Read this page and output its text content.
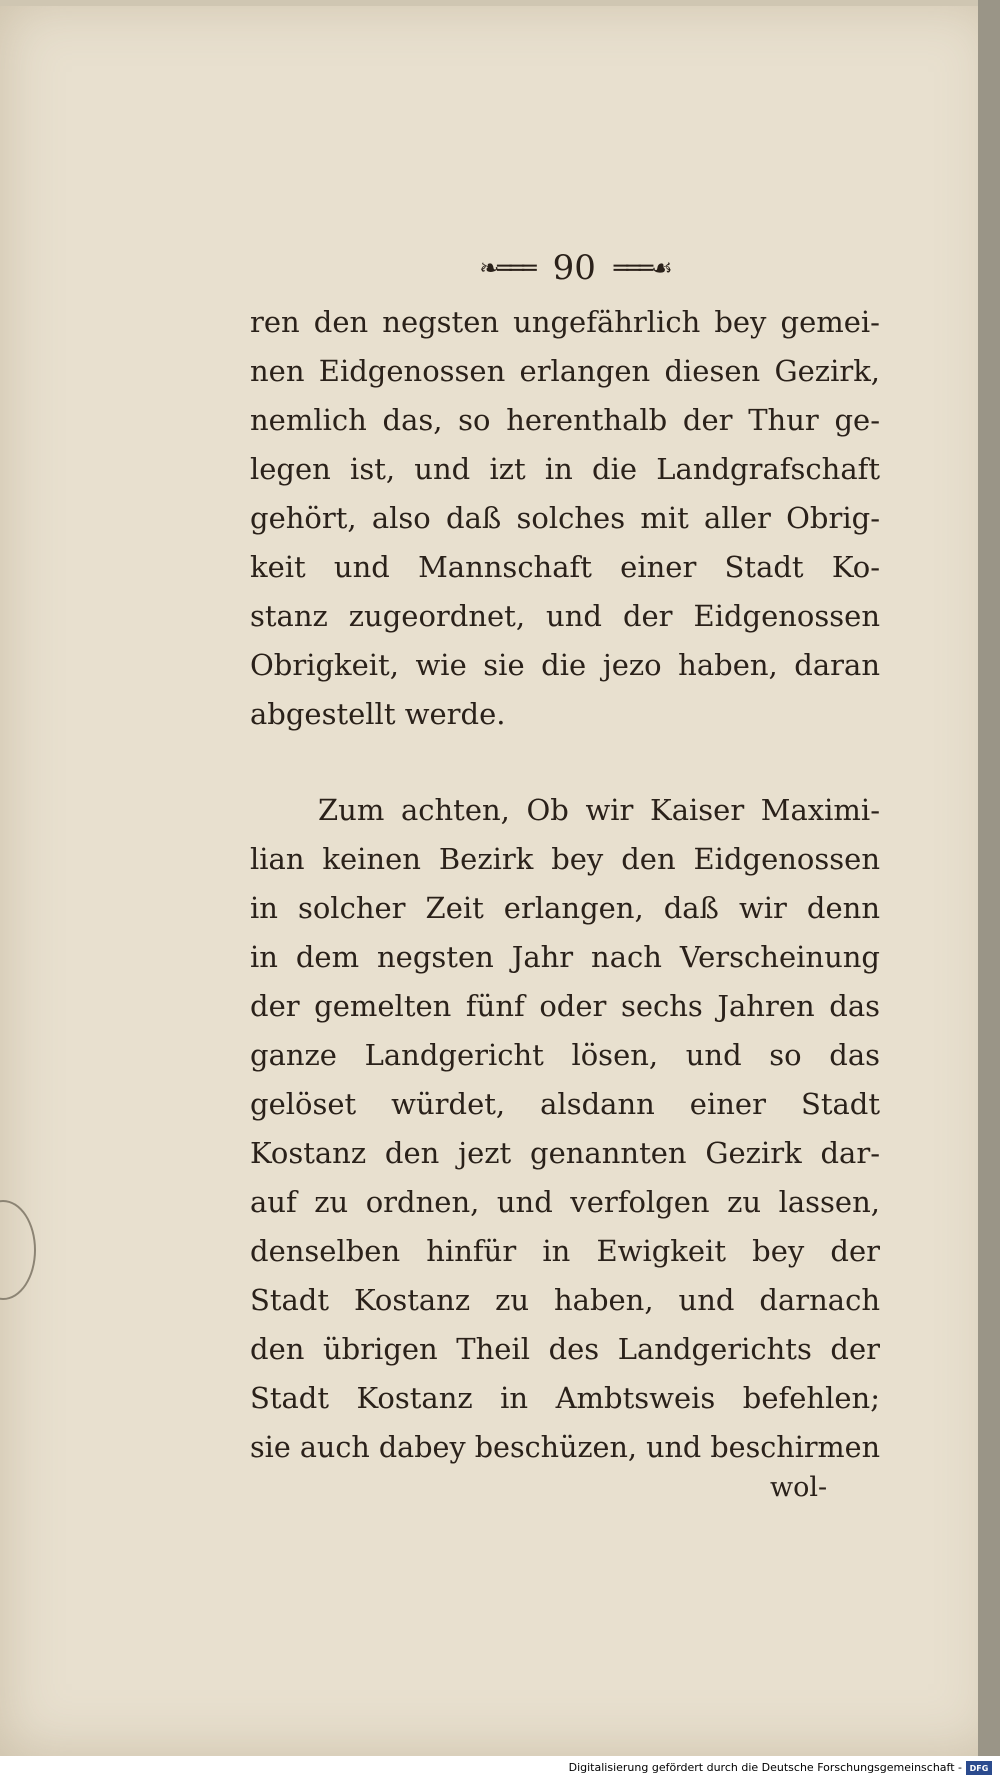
❧═══ 90 ═══☙
ren den negsten ungefährlich bey gemei-
nen Eidgenossen erlangen diesen Gezirk,
nemlich das, so herenthalb der Thur ge-
legen ist, und izt in die Landgrafschaft
gehört, also daß solches mit aller Obrig-
keit und Mannschaft einer Stadt Ko-
stanz zugeordnet, und der Eidgenossen
Obrigkeit, wie sie die jezo haben, daran
abgestellt werde.
Zum achten, Ob wir Kaiser Maximi-
lian keinen Bezirk bey den Eidgenossen
in solcher Zeit erlangen, daß wir denn
in dem negsten Jahr nach Verscheinung
der gemelten fünf oder sechs Jahren das
ganze Landgericht lösen, und so das
gelöset würdet, alsdann einer Stadt
Kostanz den jezt genannten Gezirk dar-
auf zu ordnen, und verfolgen zu lassen,
denselben hinfür in Ewigkeit bey der
Stadt Kostanz zu haben, und darnach
den übrigen Theil des Landgerichts der
Stadt Kostanz in Ambtsweis befehlen;
sie auch dabey beschüzen, und beschirmen
wol-
Digitalisierung gefördert durch die Deutsche Forschungsgemeinschaft - DFG
